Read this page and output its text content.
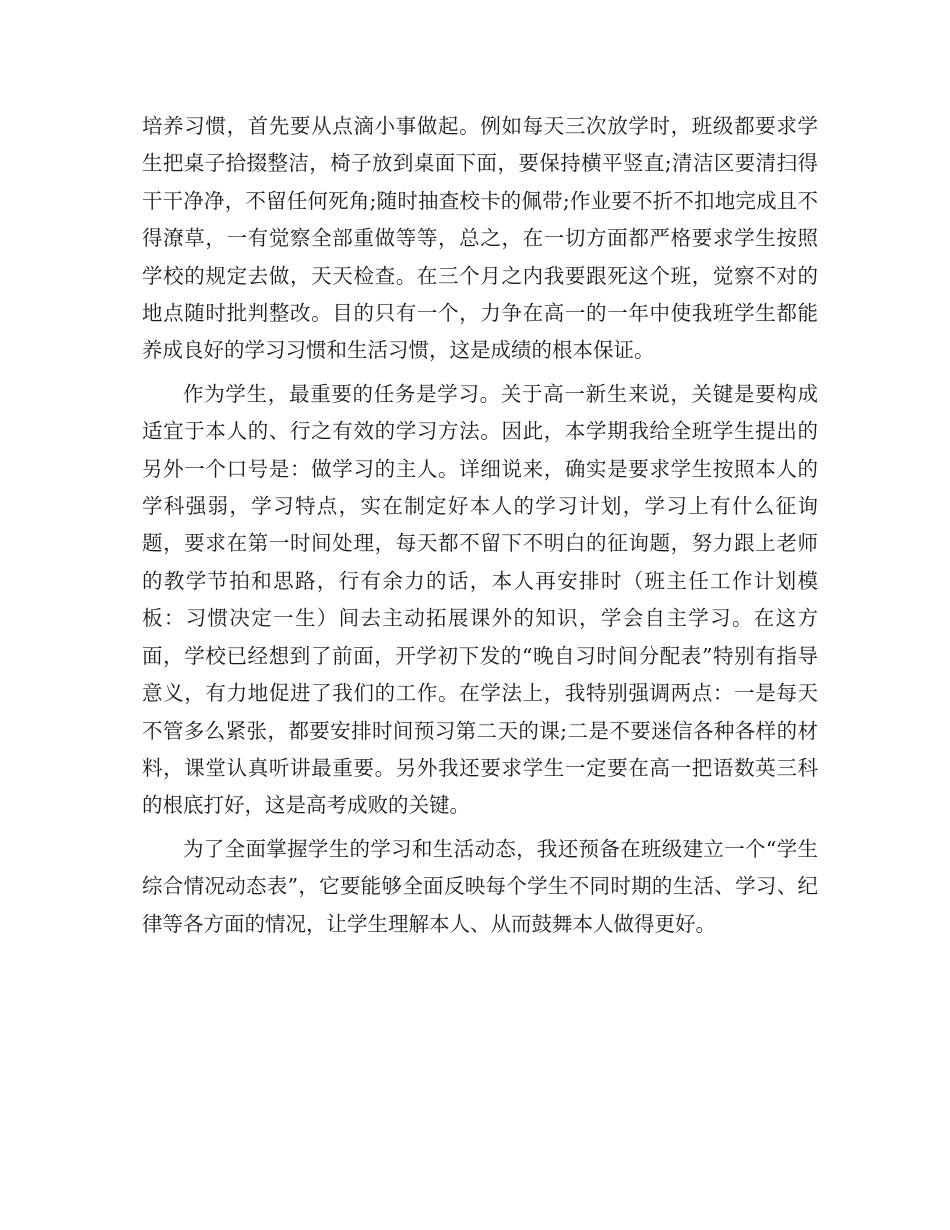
培养习惯，首先要从点滴小事做起。例如每天三次放学时，班级都要求学生把桌子拾掇整洁，椅子放到桌面下面，要保持横平竖直;清洁区要清扫得干干净净，不留任何死角;随时抽查校卡的佩带;作业要不折不扣地完成且不得潦草，一有觉察全部重做等等，总之，在一切方面都严格要求学生按照学校的规定去做，天天检查。在三个月之内我要跟死这个班，觉察不对的地点随时批判整改。目的只有一个，力争在高一的一年中使我班学生都能养成良好的学习习惯和生活习惯，这是成绩的根本保证。

作为学生，最重要的任务是学习。关于高一新生来说，关键是要构成适宜于本人的、行之有效的学习方法。因此，本学期我给全班学生提出的另外一个口号是：做学习的主人。详细说来，确实是要求学生按照本人的学科强弱，学习特点，实在制定好本人的学习计划，学习上有什么征询题，要求在第一时间处理，每天都不留下不明白的征询题，努力跟上老师的教学节拍和思路，行有余力的话，本人再安排时（班主任工作计划模板：习惯决定一生）间去主动拓展课外的知识，学会自主学习。在这方面，学校已经想到了前面，开学初下发的“晚自习时间分配表”特别有指导意义，有力地促进了我们的工作。在学法上，我特别强调两点：一是每天不管多么紧张，都要安排时间预习第二天的课;二是不要迷信各种各样的材料，课堂认真听讲最重要。另外我还要求学生一定要在高一把语数英三科的根底打好，这是高考成败的关键。

为了全面掌握学生的学习和生活动态，我还预备在班级建立一个“学生综合情况动态表”，它要能够全面反映每个学生不同时期的生活、学习、纪律等各方面的情况，让学生理解本人、从而鼓舞本人做得更好。
